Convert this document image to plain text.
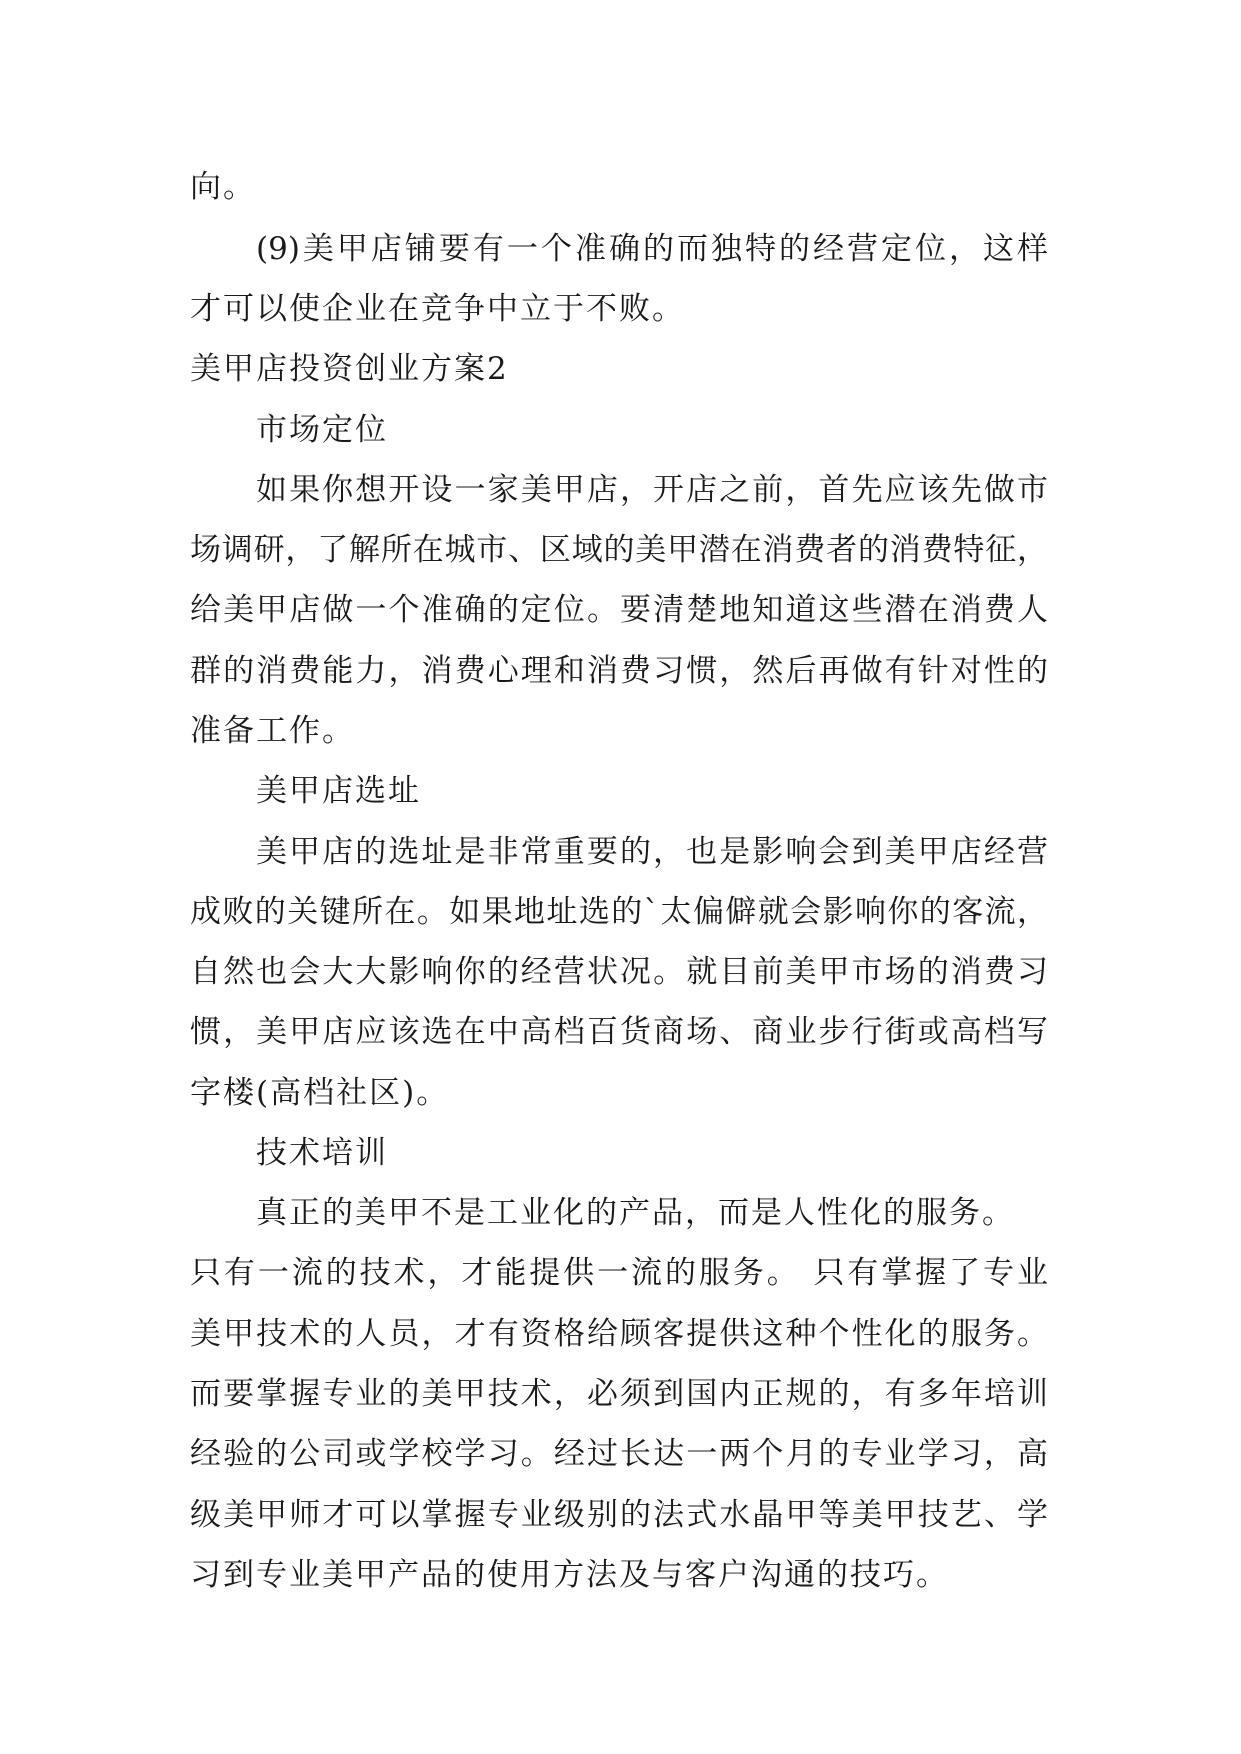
向。
(9)美甲店铺要有一个准确的而独特的经营定位，这样
才可以使企业在竞争中立于不败。
美甲店投资创业方案2
市场定位
如果你想开设一家美甲店，开店之前，首先应该先做市
场调研，了解所在城市、区域的美甲潜在消费者的消费特征，
给美甲店做一个准确的定位。要清楚地知道这些潜在消费人
群的消费能力，消费心理和消费习惯，然后再做有针对性的
准备工作。
美甲店选址
美甲店的选址是非常重要的，也是影响会到美甲店经营
成败的关键所在。如果地址选的`太偏僻就会影响你的客流，
自然也会大大影响你的经营状况。就目前美甲市场的消费习
惯，美甲店应该选在中高档百货商场、商业步行街或高档写
字楼(高档社区)。
技术培训
真正的美甲不是工业化的产品，而是人性化的服务。
只有一流的技术，才能提供一流的服务。 只有掌握了专业
美甲技术的人员，才有资格给顾客提供这种个性化的服务。
而要掌握专业的美甲技术，必须到国内正规的，有多年培训
经验的公司或学校学习。经过长达一两个月的专业学习，高
级美甲师才可以掌握专业级别的法式水晶甲等美甲技艺、学
习到专业美甲产品的使用方法及与客户沟通的技巧。
